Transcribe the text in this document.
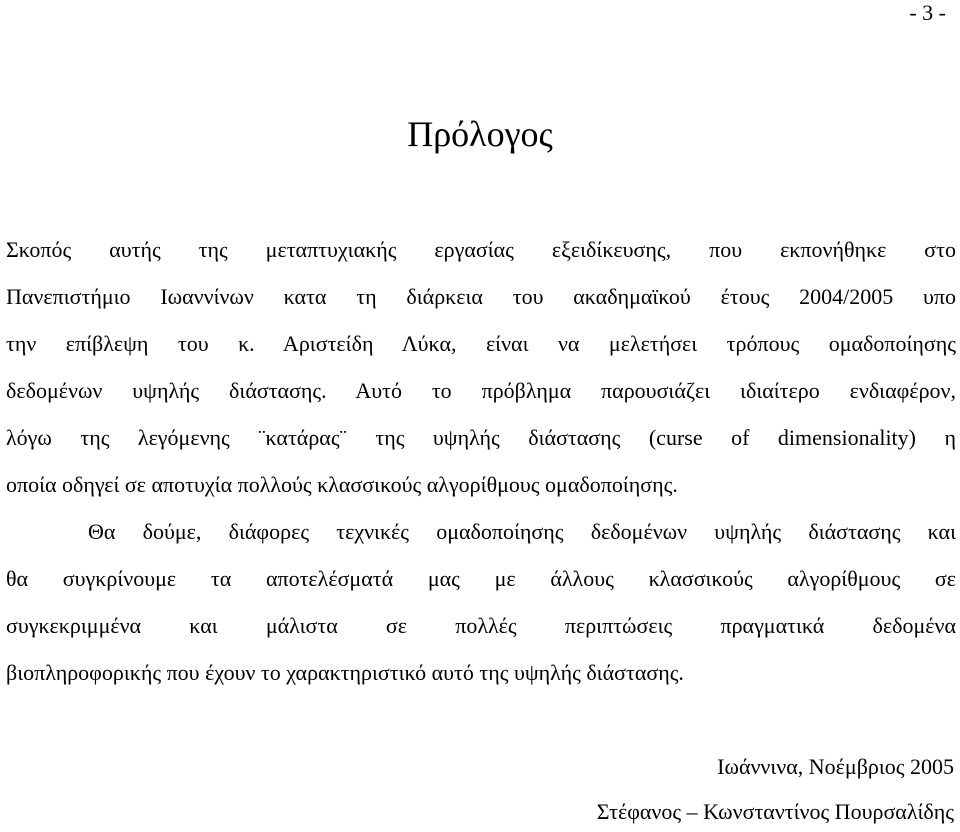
- 3 -
Πρόλογος
Σκοπός αυτής της μεταπτυχιακής εργασίας εξειδίκευσης, που εκπονήθηκε στο
Πανεπιστήμιο Ιωαννίνων κατα τη διάρκεια του ακαδημαϊκού έτους 2004/2005 υπο
την επίβλεψη του κ. Αριστείδη Λύκα, είναι να μελετήσει τρόπους ομαδοποίησης
δεδομένων υψηλής διάστασης. Αυτό το πρόβλημα παρουσιάζει ιδιαίτερο ενδιαφέρον,
λόγω της λεγόμενης ¨κατάρας¨ της υψηλής διάστασης (curse of dimensionality) η
οποία οδηγεί σε αποτυχία πολλούς κλασσικούς αλγορίθμους ομαδοποίησης.
Θα δούμε, διάφορες τεχνικές ομαδοποίησης δεδομένων υψηλής διάστασης και
θα συγκρίνουμε τα αποτελέσματά μας με άλλους κλασσικούς αλγορίθμους σε
συγκεκριμμένα και μάλιστα σε πολλές περιπτώσεις πραγματικά δεδομένα
βιοπληροφορικής που έχουν το χαρακτηριστικό αυτό της υψηλής διάστασης.
Ιωάννινα, Νοέμβριος 2005
Στέφανος – Κωνσταντίνος Πουρσαλίδης
